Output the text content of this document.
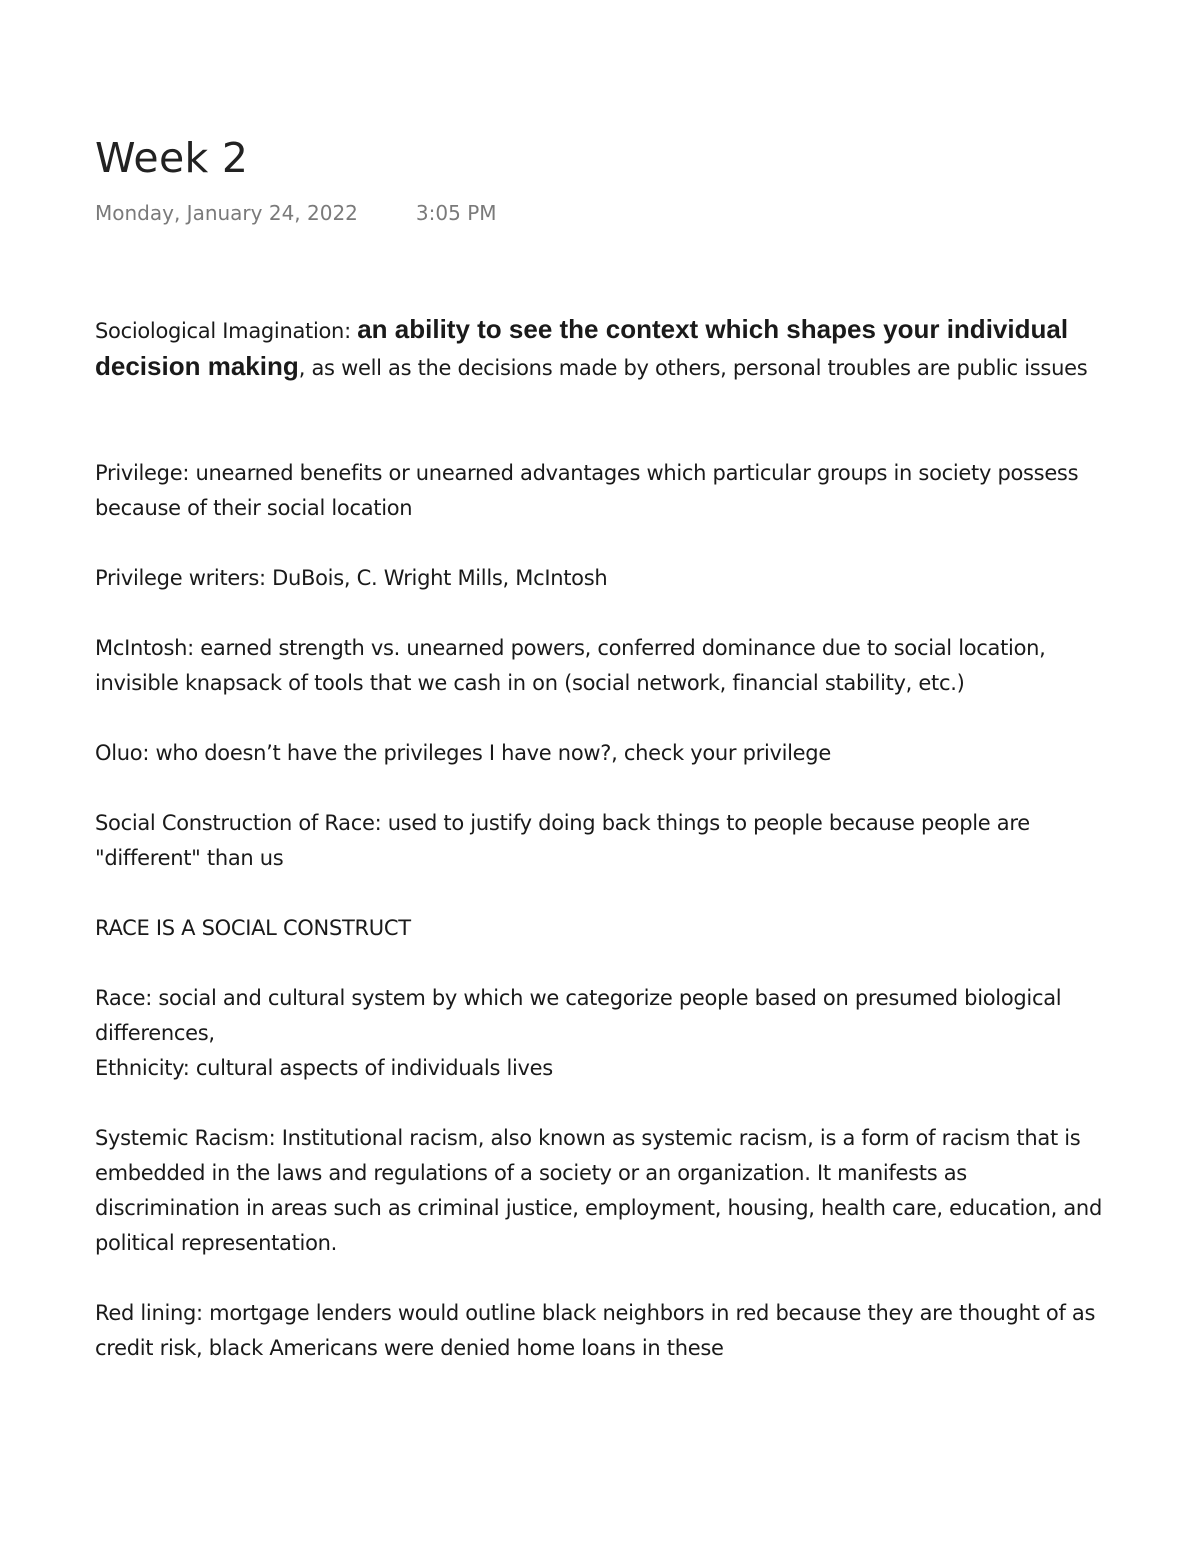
Week 2
Monday, January 24, 2022	3:05 PM

Sociological Imagination: an ability to see the context which shapes your individual decision making, as well as the decisions made by others, personal troubles are public issues

Privilege: unearned benefits or unearned advantages which particular groups in society possess because of their social location

Privilege writers: DuBois, C. Wright Mills, McIntosh

McIntosh: earned strength vs. unearned powers, conferred dominance due to social location, invisible knapsack of tools that we cash in on (social network, financial stability, etc.)

Oluo: who doesn’t have the privileges I have now?, check your privilege

Social Construction of Race: used to justify doing back things to people because people are "different" than us

RACE IS A SOCIAL CONSTRUCT

Race: social and cultural system by which we categorize people based on presumed biological differences,
Ethnicity: cultural aspects of individuals lives

Systemic Racism: Institutional racism, also known as systemic racism, is a form of racism that is embedded in the laws and regulations of a society or an organization. It manifests as discrimination in areas such as criminal justice, employment, housing, health care, education, and political representation.

Red lining: mortgage lenders would outline black neighbors in red because they are thought of as credit risk, black Americans were denied home loans in these
